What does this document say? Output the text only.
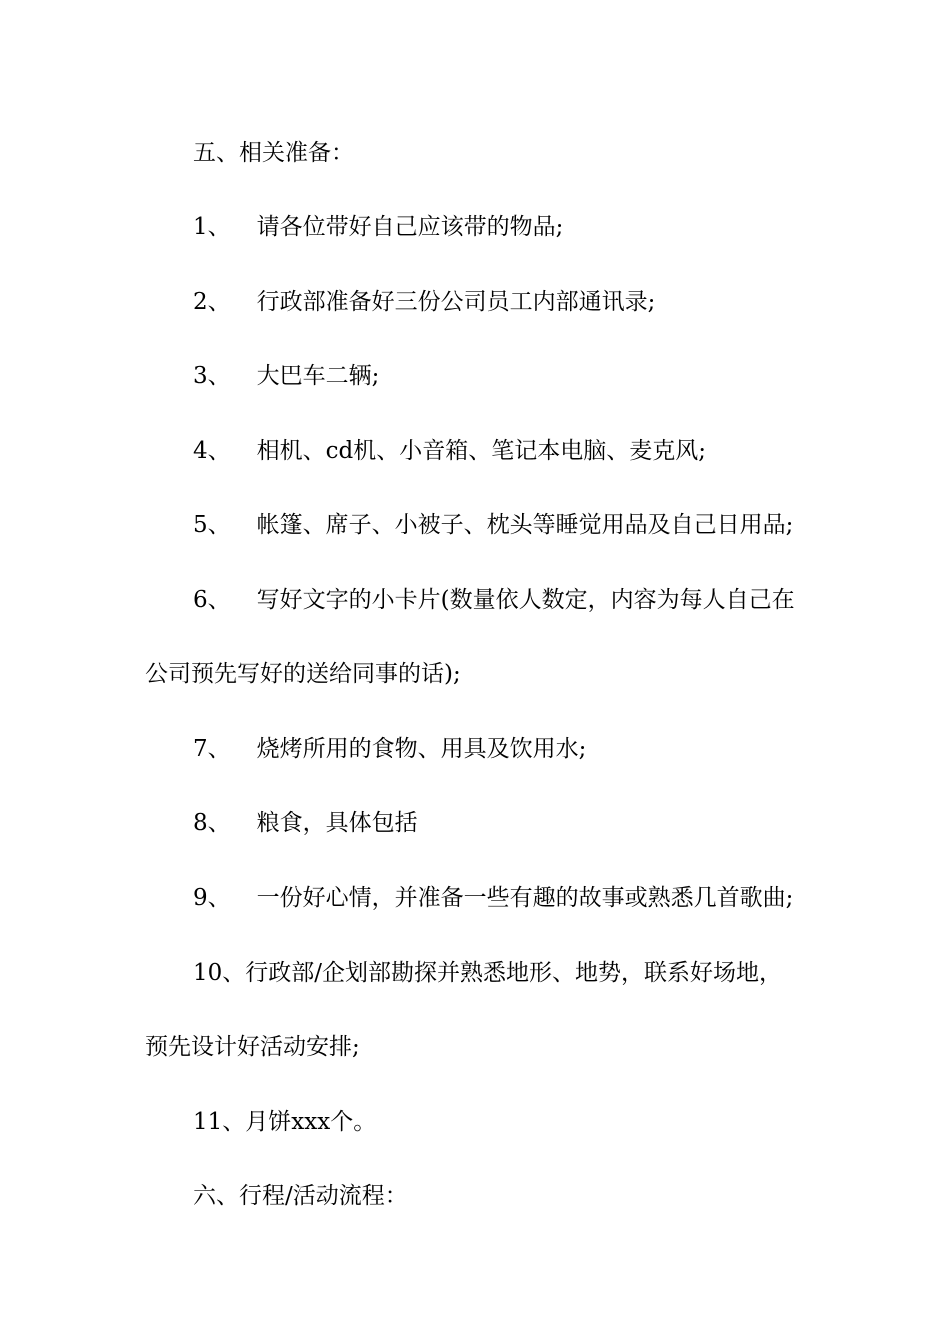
五、相关准备：

1、 请各位带好自己应该带的物品;

2、 行政部准备好三份公司员工内部通讯录;

3、 大巴车二辆;

4、 相机、cd机、小音箱、笔记本电脑、麦克风;

5、 帐篷、席子、小被子、枕头等睡觉用品及自己日用品;

6、 写好文字的小卡片(数量依人数定，内容为每人自己在

公司预先写好的送给同事的话);

7、 烧烤所用的食物、用具及饮用水;

8、 粮食，具体包括

9、 一份好心情，并准备一些有趣的故事或熟悉几首歌曲;

10、行政部/企划部勘探并熟悉地形、地势，联系好场地，

预先设计好活动安排;

11、月饼xxx个。

六、行程/活动流程：
